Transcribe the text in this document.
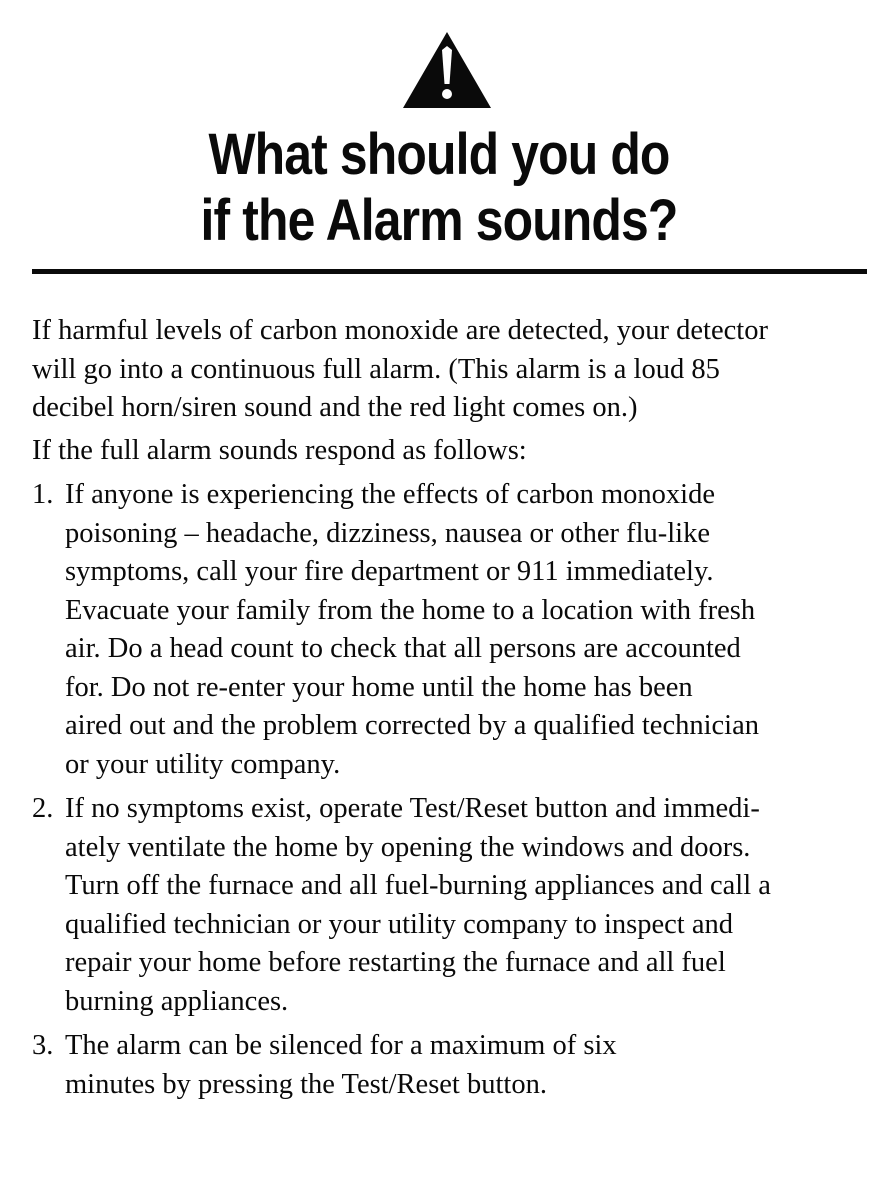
What should you do
if the Alarm sounds?

If harmful levels of carbon monoxide are detected, your detector
will go into a continuous full alarm. (This alarm is a loud 85
decibel horn/siren sound and the red light comes on.)

If the full alarm sounds respond as follows:

1. If anyone is experiencing the effects of carbon monoxide
poisoning – headache, dizziness, nausea or other flu-like
symptoms, call your fire department or 911 immediately.
Evacuate your family from the home to a location with fresh
air. Do a head count to check that all persons are accounted
for. Do not re-enter your home until the home has been
aired out and the problem corrected by a qualified technician
or your utility company.
2. If no symptoms exist, operate Test/Reset button and immedi-
ately ventilate the home by opening the windows and doors.
Turn off the furnace and all fuel-burning appliances and call a
qualified technician or your utility company to inspect and
repair your home before restarting the furnace and all fuel
burning appliances.
3. The alarm can be silenced for a maximum of six
minutes by pressing the Test/Reset button.
